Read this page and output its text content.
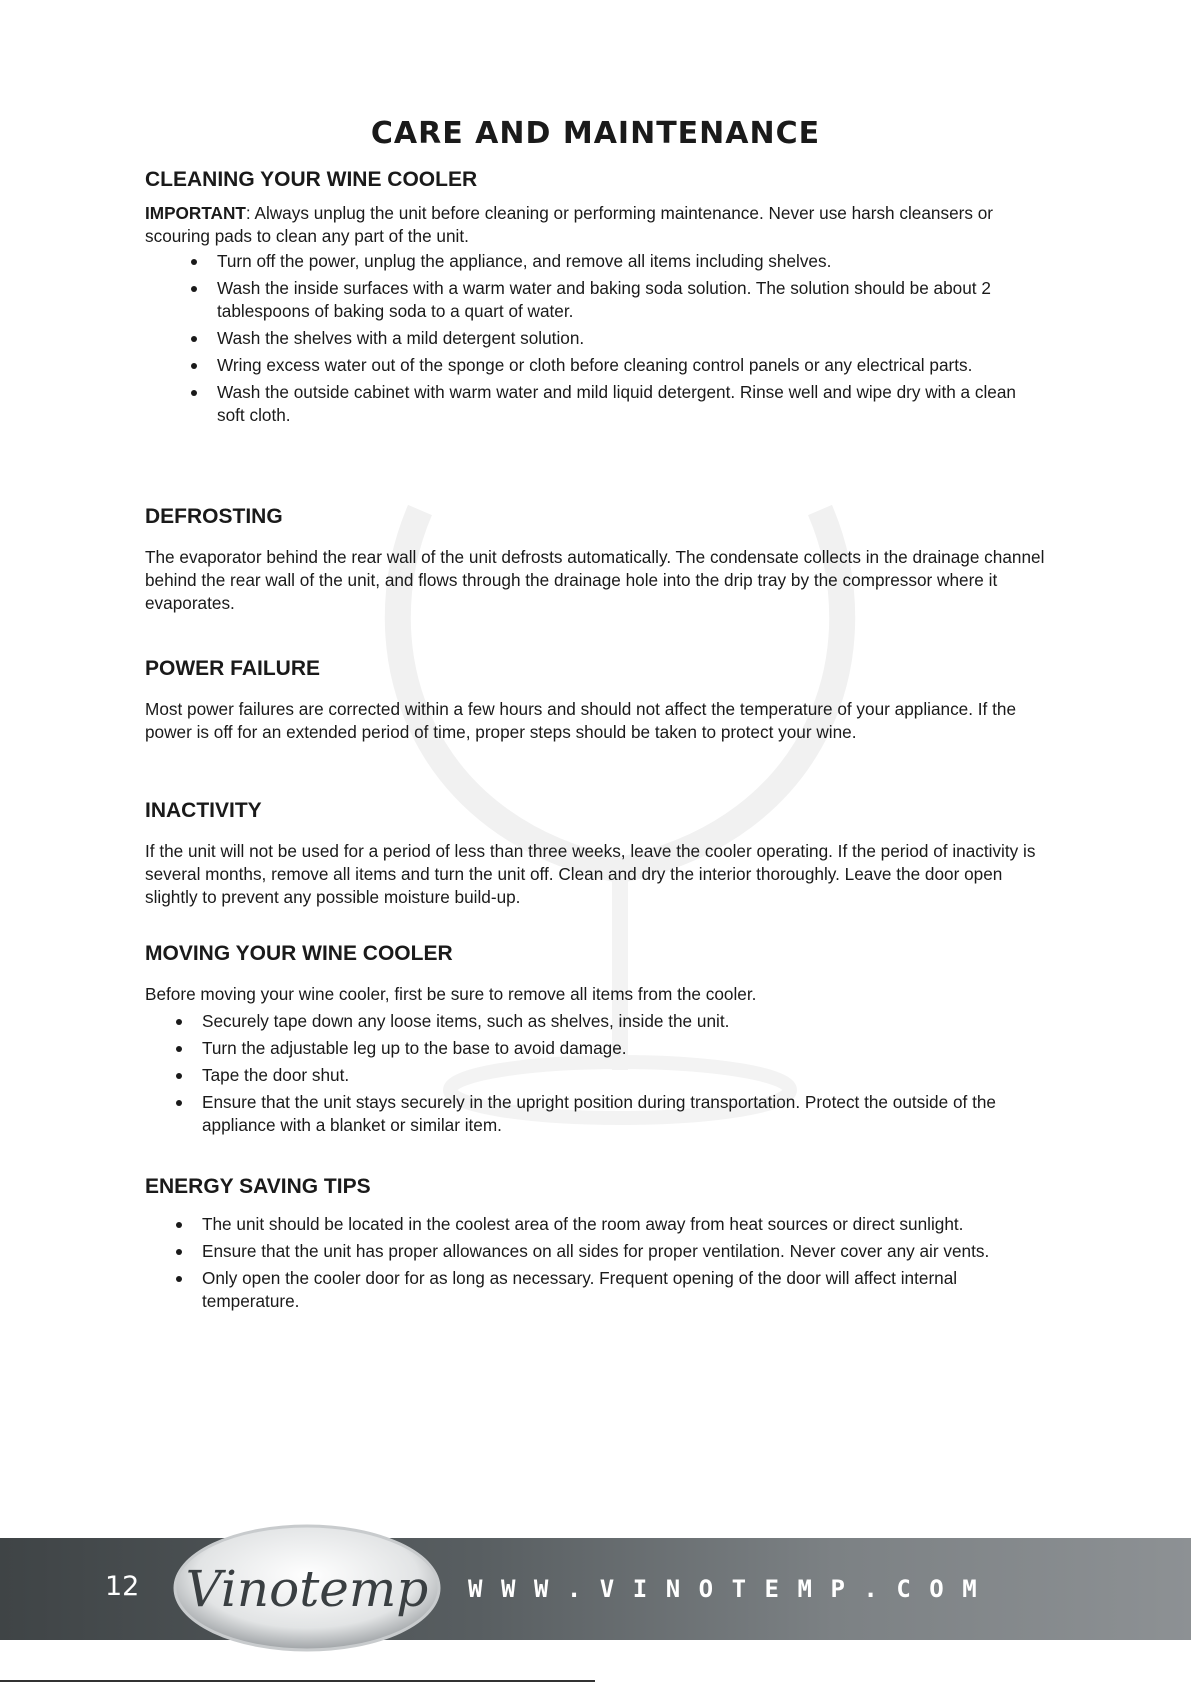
CARE AND MAINTENANCE
CLEANING YOUR WINE COOLER

IMPORTANT: Always unplug the unit before cleaning or performing maintenance. Never use harsh cleansers or scouring pads to clean any part of the unit.

Turn off the power, unplug the appliance, and remove all items including shelves.
Wash the inside surfaces with a warm water and baking soda solution. The solution should be about 2 tablespoons of baking soda to a quart of water.
Wash the shelves with a mild detergent solution.
Wring excess water out of the sponge or cloth before cleaning control panels or any electrical parts.
Wash the outside cabinet with warm water and mild liquid detergent. Rinse well and wipe dry with a clean soft cloth.
DEFROSTING

The evaporator behind the rear wall of the unit defrosts automatically. The condensate collects in the drainage channel behind the rear wall of the unit, and flows through the drainage hole into the drip tray by the compressor where it evaporates.

POWER FAILURE

Most power failures are corrected within a few hours and should not affect the temperature of your appliance. If the power is off for an extended period of time, proper steps should be taken to protect your wine.

INACTIVITY

If the unit will not be used for a period of less than three weeks, leave the cooler operating. If the period of inactivity is several months, remove all items and turn the unit off. Clean and dry the interior thoroughly. Leave the door open slightly to prevent any possible moisture build-up.

MOVING YOUR WINE COOLER

Before moving your wine cooler, first be sure to remove all items from the cooler.

Securely tape down any loose items, such as shelves, inside the unit.
Turn the adjustable leg up to the base to avoid damage.
Tape the door shut.
Ensure that the unit stays securely in the upright position during transportation. Protect the outside of the appliance with a blanket or similar item.
ENERGY SAVING TIPS
The unit should be located in the coolest area of the room away from heat sources or direct sunlight.
Ensure that the unit has proper allowances on all sides for proper ventilation. Never cover any air vents.
Only open the cooler door for as long as necessary. Frequent opening of the door will affect internal temperature.
12 Vinotemp WWW.VINOTEMP.COM
